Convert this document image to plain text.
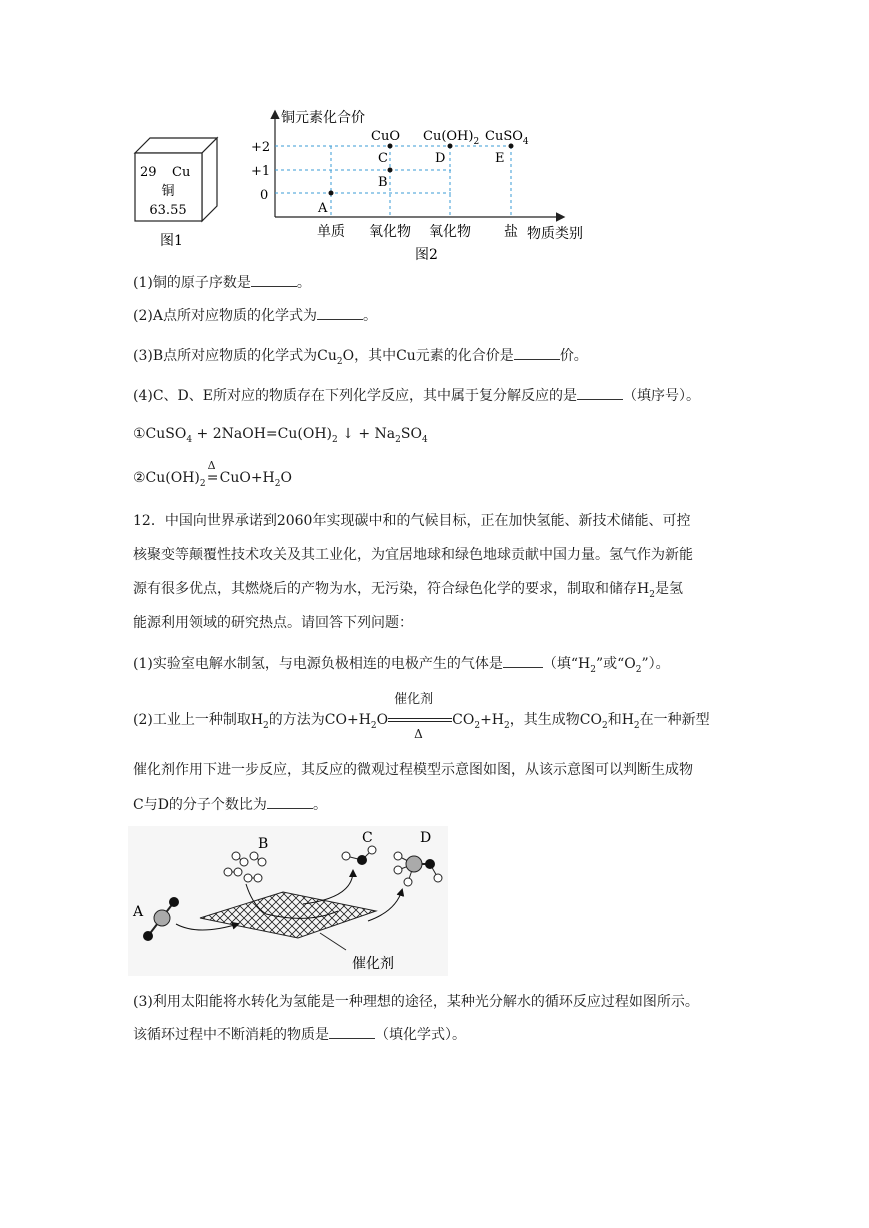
29 Cu
铜
63.55
图1
铜元素化合价
+2
+1
0
CuO $Cu(OH)_2$ CuSO$_4$
A
B
C	D	E
单质 氧化物 氧化物 盐 物质类别
图2
(1)铜的原子序数是	。
(2)A点所对应物质的化学式为	。
(3)B点所对应物质的化学式为$Cu_2O$，其中Cu元素的化合价是	价。
(4)C、D、E所对应的物质存在下列化学反应，其中属于复分解反应的是	（填序号）。
①CuSO$_4$ + $2NaOH=Cu(OH)_2$ ↓ + $Na_2SO_4$
$②Cu(OH)_2$
Δ
$=CuO+H_2O$
12．中国向世界承诺到2060年实现碳中和的气候目标，正在加快氢能、新技术储能、可控
核聚变等颠覆性技术攻关及其工业化，为宜居地球和绿色地球贡献中国力量。氢气作为新能
源有很多优点，其燃烧后的产物为水，无污染，符合绿色化学的要求，制取和储存$H_2$是氢
能源利用领域的研究热点。请回答下列问题：
(1)实验室电解水制氢，与电源负极相连的电极产生的气体是	（填“$H_2$”或“$O_2$”）。
(2)工业上一种制取$H_2$的方法为$CO+H_2O$
催化剂
Δ
$CO_2+H_2$，其生成物$CO_2$和$H_2$在一种新型
催化剂作用下进一步反应，其反应的微观过程模型示意图如图，从该示意图可以判断生成物
C与D的分子个数比为	。
催化剂
A
B	C	D
(3)利用太阳能将水转化为氢能是一种理想的途径，某种光分解水的循环反应过程如图所示。
该循环过程中不断消耗的物质是	（填化学式）。
